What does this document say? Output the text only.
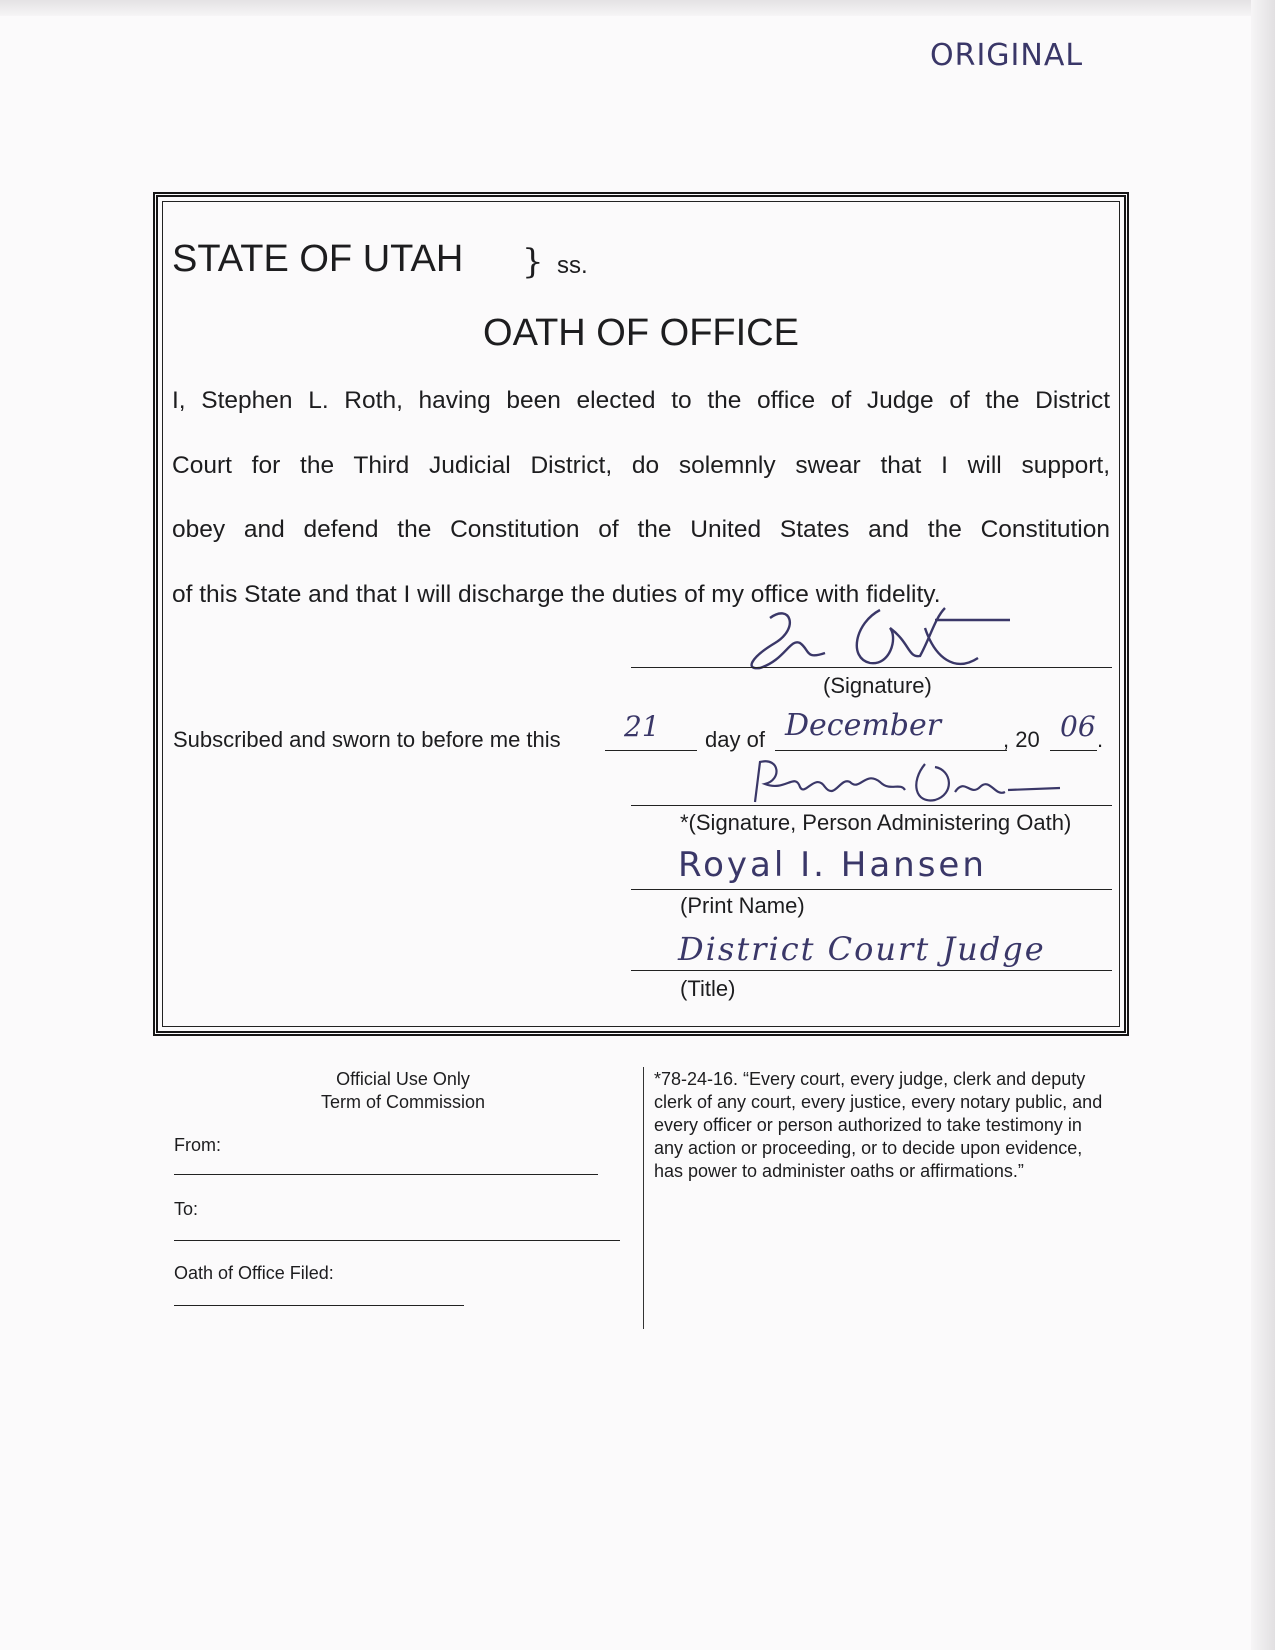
ORIGINAL
STATE OF UTAH } ss.
OATH OF OFFICE
I, Stephen L. Roth, having been elected to the office of Judge of the District
Court for the Third Judicial District, do solemnly swear that I will support,
obey and defend the Constitution of the United States and the Constitution
of this State and that I will discharge the duties of my office with fidelity.
(Signature)
Subscribed and sworn to before me this 21 day of December	, 20 06 .
*(Signature, Person Administering Oath)
Royal I. Hansen
(Print Name)
District Court Judge
(Title)
Official Use Only
Term of Commission
From:
To:
Oath of Office Filed:
*78-24-16. “Every court, every judge, clerk and deputy clerk of any court, every justice, every notary public, and every officer or person authorized to take testimony in any action or proceeding, or to decide upon evidence, has power to administer oaths or affirmations.”
